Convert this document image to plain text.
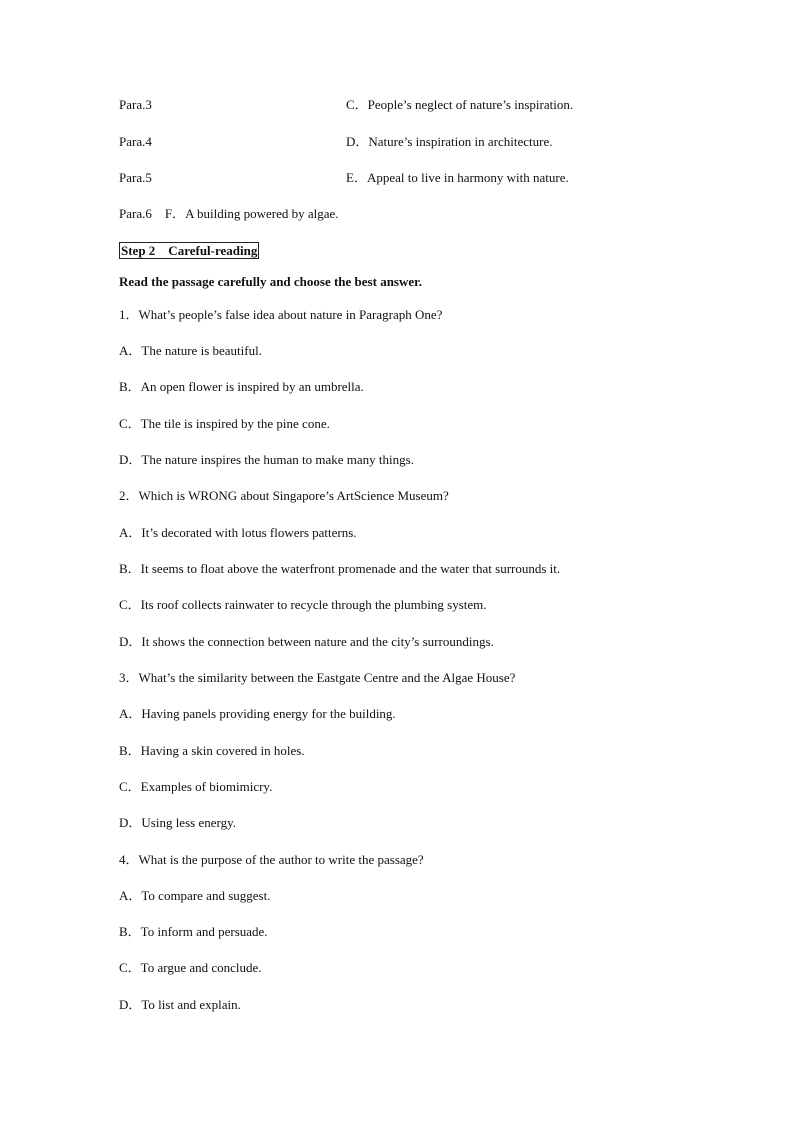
Para.3	C．People’s neglect of nature’s inspiration.
Para.4	D．Nature’s inspiration in architecture.
Para.5	E．Appeal to live in harmony with nature.
Para.6　F．A building powered by algae.
Step 2　Careful-reading
Read the passage carefully and choose the best answer.
1．What’s people’s false idea about nature in Paragraph One?
A．The nature is beautiful.
B．An open flower is inspired by an umbrella.
C．The tile is inspired by the pine cone.
D．The nature inspires the human to make many things.
2．Which is WRONG about Singapore’s ArtScience Museum?
A．It’s decorated with lotus flowers patterns.
B．It seems to float above the waterfront promenade and the water that surrounds it.
C．Its roof collects rainwater to recycle through the plumbing system.
D．It shows the connection between nature and the city’s surroundings.
3．What’s the similarity between the Eastgate Centre and the Algae House?
A．Having panels providing energy for the building.
B．Having a skin covered in holes.
C．Examples of biomimicry.
D．Using less energy.
4．What is the purpose of the author to write the passage?
A．To compare and suggest.
B．To inform and persuade.
C．To argue and conclude.
D．To list and explain.
